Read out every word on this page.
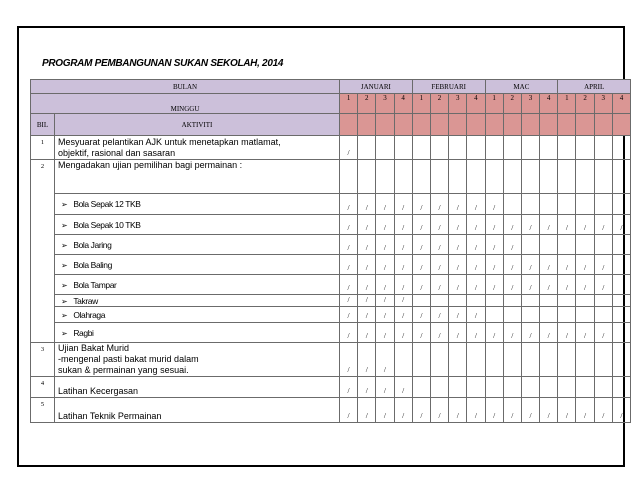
PROGRAM PEMBANGUNAN SUKAN SEKOLAH, 2014
BULAN		JANUARI				FEBRUARI				MAC				APRIL			
MINGGU		1	2	3	4	1	2	3	4	1	2	3	4	1	2	3	4
BIL	AKTIVITI																
1	Mesyuarat pelantikan AJK untuk menetapkan matlamat,
objektif, rasional dan sasaran	/															
2	Mengadakan ujian pemilihan bagi permainan :																

	➢ Bola Sepak 12 TKB	/	/	/	/	/	/	/	/	/							
	➢ Bola Sepak 10 TKB	/	/	/	/	/	/	/	/	/	/	/	/	/	/	/	/
	➢ Bola Jaring	/	/	/	/	/	/	/	/	/	/						
	➢ Bola Baling	/	/	/	/	/	/	/	/	/	/	/	/	/	/	/	
	➢ Bola Tampar	/	/	/	/	/	/	/	/	/	/	/	/	/	/	/	
	➢ Takraw	/	/	/	/												
	➢ Olahraga	/	/	/	/	/	/	/	/								
	➢ Ragbi	/	/	/	/	/	/	/	/	/	/	/	/	/	/	/	
3	Ujian Bakat Murid
-mengenal pasti bakat murid dalam
sukan & permainan yang sesuai.	/	/	/													
4	Latihan Kecergasan	/	/	/	/												
5	Latihan Teknik Permainan	/	/	/	/	/	/	/	/	/	/	/	/	/	/	/	/
